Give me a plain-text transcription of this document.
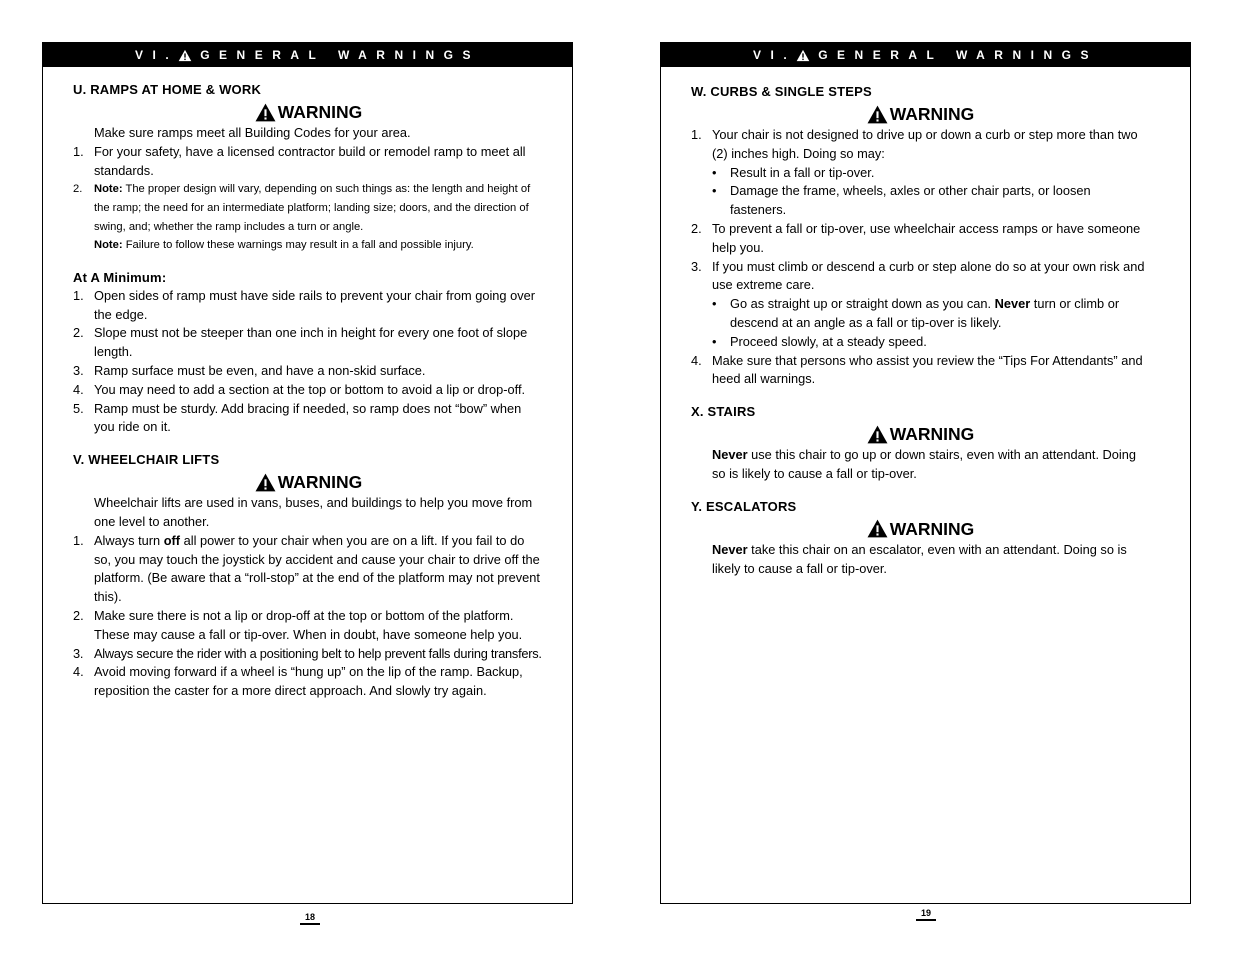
VI. GENERAL WARNINGS

U. RAMPS AT HOME & WORK

WARNING
Make sure ramps meet all Building Codes for your area.
1. For your safety, have a licensed contractor build or remodel ramp to meet all standards.
2.	Note: The proper design will vary, depending on such things as: the length and height of the ramp; the need for an intermediate platform; landing size; doors, and the direction of swing, and; whether the ramp includes a turn or angle.
Note: Failure to follow these warnings may result in a fall and possible injury.

At A Minimum:

1. Open sides of ramp must have side rails to prevent your chair from going over the edge.
2. Slope must not be steeper than one inch in height for every one foot of slope length.
3. Ramp surface must be even, and have a non-skid surface.
4. You may need to add a section at the top or bottom to avoid a lip or drop-off.
5. Ramp must be sturdy. Add bracing if needed, so ramp does not “bow” when you ride on it.

V. WHEELCHAIR LIFTS

WARNING
Wheelchair lifts are used in vans, buses, and buildings to help you move from one level to another.
1. Always turn off all power to your chair when you are on a lift. If you fail to do so, you may touch the joystick by accident and cause your chair to drive off the platform. (Be aware that a “roll-stop” at the end of the platform may not prevent this).
2. Make sure there is not a lip or drop-off at the top or bottom of the platform. These may cause a fall or tip-over. When in doubt, have someone help you.
3. Always secure the rider with a positioning belt to help prevent falls during transfers.
4. Avoid moving forward if a wheel is “hung up” on the lip of the ramp. Backup, reposition the caster for a more direct approach. And slowly try again.
18
VI. GENERAL WARNINGS

W. CURBS & SINGLE STEPS

WARNING
1. Your chair is not designed to drive up or down a curb or step more than two (2) inches high. Doing so may:
•	Result in a fall or tip-over.
•	Damage the frame, wheels, axles or other chair parts, or loosen fasteners.
2. To prevent a fall or tip-over, use wheelchair access ramps or have someone help you.
3. If you must climb or descend a curb or step alone do so at your own risk and use extreme care.
•	Go as straight up or straight down as you can. Never turn or climb or descend at an angle as a fall or tip-over is likely.
•	Proceed slowly, at a steady speed.
4. Make sure that persons who assist you review the “Tips For Attendants” and heed all warnings.

X. STAIRS

WARNING
Never use this chair to go up or down stairs, even with an attendant. Doing so is likely to cause a fall or tip-over.

Y. ESCALATORS

WARNING
Never take this chair on an escalator, even with an attendant. Doing so is likely to cause a fall or tip-over.
19
